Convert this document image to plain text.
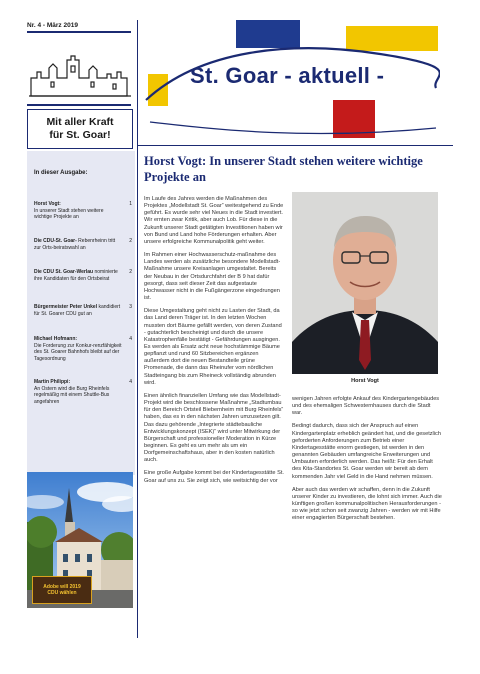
Nr. 4 - März 2019
Mit aller Kraft
für St. Goar!
In dieser Ausgabe:
Horst Vogt:
In unserer Stadt stehen weitere wichtige Projekte an
1
Die CDU-St. Goar- Rebenrheinn tritt zur Orts-beiratswahl an
2
Die CDU St. Goar-Werlau nominierte ihre Kandidaten für den Ortsbeirat
2
Bürgermeister Peter Unkel kandidiert für St. Goarer CDU gut an
3
Michael Hofmann:
Die Forderung zur Konkur-renzfähigkeit des St. Goarer Bahnhofs bleibt auf der Tagesordnung
4
Martin Philippi:
An Ostern wird die Burg Rheinfels regelmäßig mit einem Shuttle-Bus angefahren
4
Adobe will 2019
CDU wählen
St. Goar - aktuell -
Horst Vogt: In unserer Stadt stehen weitere wichtige Projekte an

Im Laufe des Jahres werden die Maßnahmen des Projektes „Modellstadt St. Goar“ weitestgehend zu Ende geführt. Es wurde sehr viel Neues in die Stadt investiert. Wir ernten zwar Kritik, aber auch Lob. Für diese in die Zukunft unserer Stadt getätigten Investitionen haben wir von Bund und Land hohe Förderungen erhalten. Aber unsere erfolgreiche Kommunalpolitik geht weiter.

Im Rahmen einer Hochwasserschutz-maßnahme des Landes werden als zusätzliche besondere Modellstadt-Maßnahme unsere Kreisanlagen umgestaltet. Bereits der Neubau in der Ortsdurchfahrt der B 9 hat dafür gesorgt, dass seit dieser Zeit das aufgestaute Hochwasser nicht in die Fußgängerzone eingedrungen ist.

Diese Umgestaltung geht nicht zu Lasten der Stadt, da das Land deren Träger ist. In den letzten Wochen mussten dort Bäume gefällt werden, von deren Zustand - gutachterlich bescheinigt und durch die unsere Katastrophenfälle bestätigt - Gefährdungen ausgingen. Es werden als Ersatz acht neue hochstämmige Bäume gepflanzt und rund 60 Sitzbereichen ergänzen außerdem dort die neuen Bestandteile grüne Promenade, die dann das Rheinufer vom nördlichen Stadteingang bis zum Rheineck vollständig abrunden wird.

Einen ähnlich finanziellen Umfang wie das Modellstadt-Projekt wird die beschlossene Maßnahme „Stadtumbau für den Bereich Ortsteil Biebernheim mit Burg Rheinfels“ haben, das es in den nächsten Jahren umzusetzen gilt. Das dazu gehörende „Integrierte städtebauliche Entwicklungskonzept (ISEK)“ wird unter Mitwirkung der Bürgerschaft und professioneller Moderation in Kürze beginnen. Es geht es um mehr als um ein Dorfgemeinschaftshaus, aber in den kosten natürlich auch.

Eine große Aufgabe kommt bei der Kindertagesstätte St. Goar auf uns zu. Sie zeigt sich, wie weitsichtig der vor

Horst Vogt

wenigen Jahren erfolgte Ankauf des Kindergartengebäudes und des ehemaligen Schwesternhauses durch die Stadt war.

Bedingt dadurch, dass sich der Anspruch auf einen Kindergartenplatz erheblich geändert hat, und die gesetzlich geforderten Anforderungen zum Betrieb einer Kindertagesstätte enorm gestiegen, ist werden in den genannten Gebäuden umfangreiche Erweiterungen und Umbauten erforderlich werden. Das heißt: Für den Erhalt des Kita-Standortes St. Goar werden wir bereit ab dem kommenden Jahr viel Geld in die Hand nehmen müssen.

Aber auch das werden wir schaffen, denn in die Zukunft unserer Kinder zu investieren, die lohnt sich immer. Auch die künftigen großen kommunalpolitischen Herausforderungen - so wie jetzt schon seit zwanzig Jahren - werden wir mit Hilfe einer engagierten Bürgerschaft bestehen.
